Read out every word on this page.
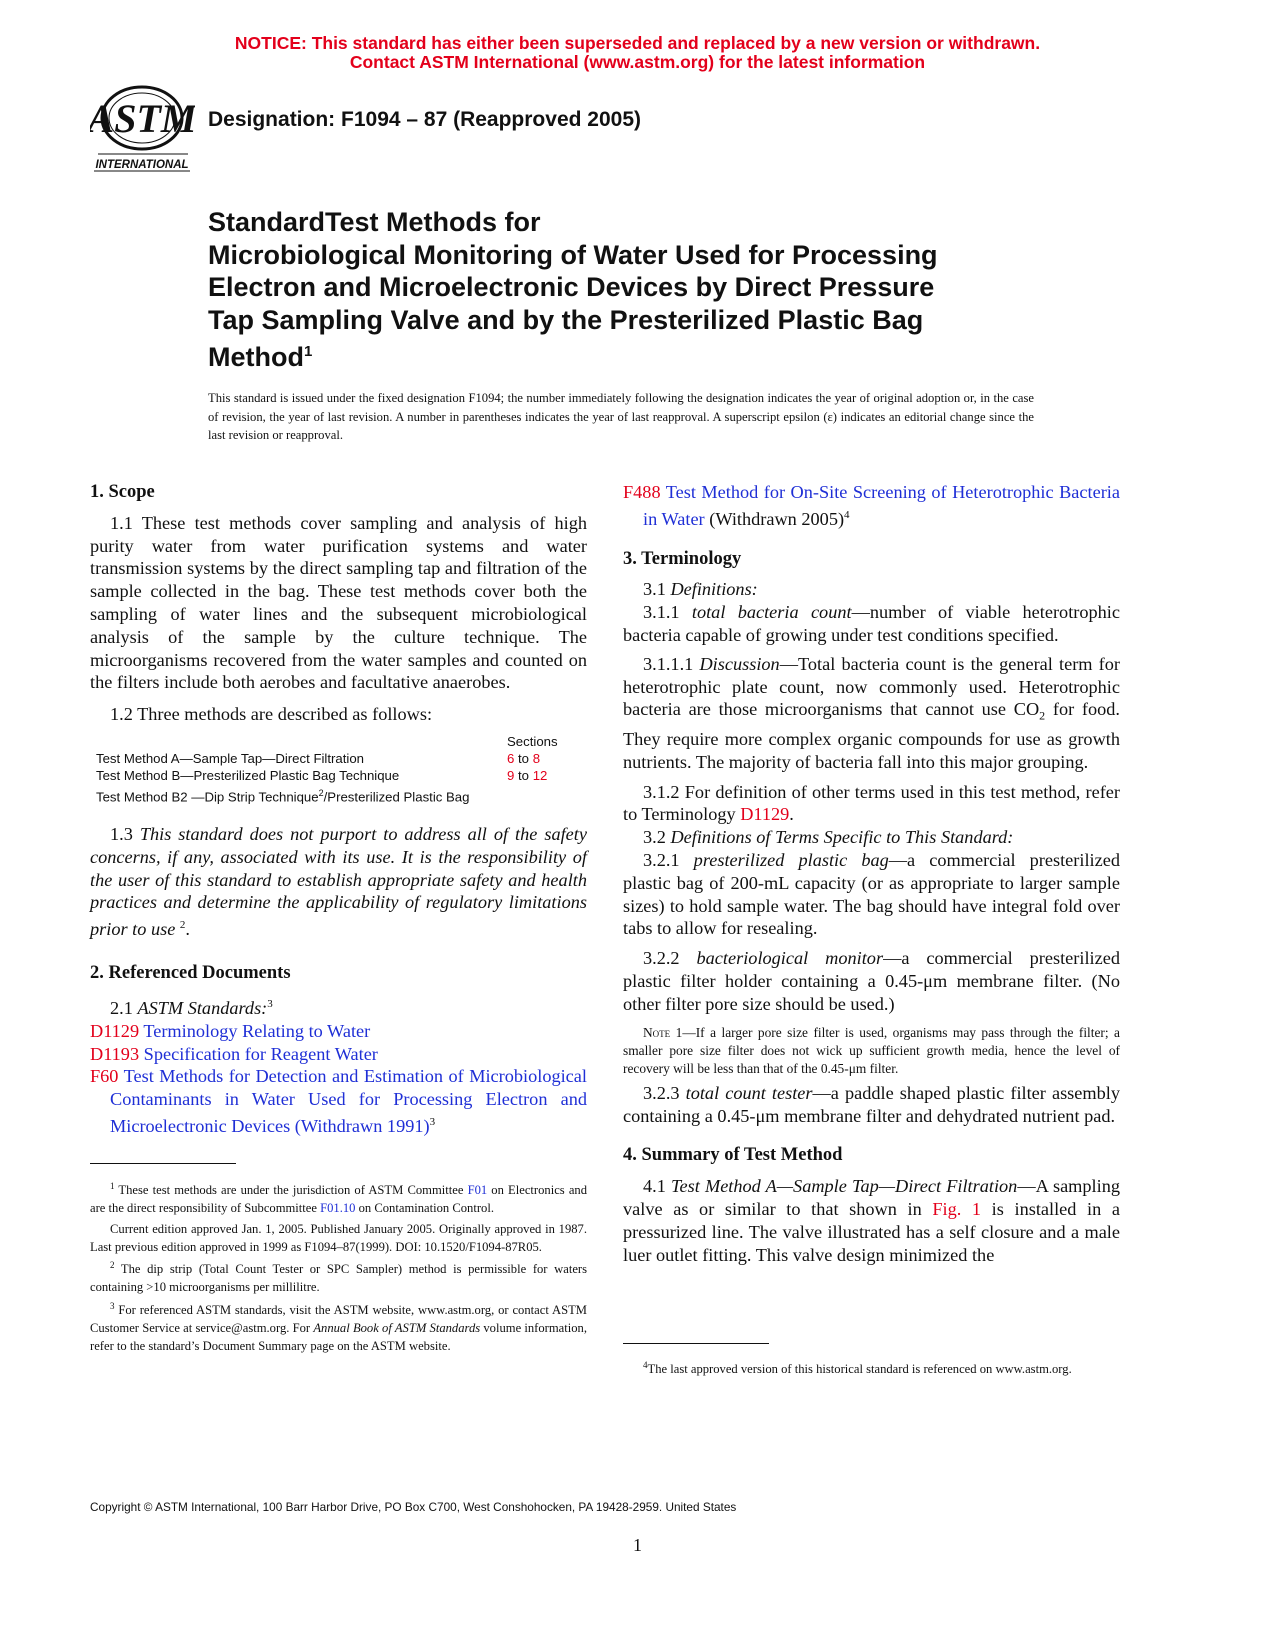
NOTICE: This standard has either been superseded and replaced by a new version or withdrawn.
Contact ASTM International (www.astm.org) for the latest information
ASTM
INTERNATIONAL
Designation: F1094 – 87 (Reapproved 2005)
StandardTest Methods for
Microbiological Monitoring of Water Used for Processing
Electron and Microelectronic Devices by Direct Pressure
Tap Sampling Valve and by the Presterilized Plastic Bag
Method$^1$
This standard is issued under the fixed designation F1094; the number immediately following the designation indicates the year of original adoption or, in the case of revision, the year of last revision. A number in parentheses indicates the year of last reapproval. A superscript epsilon (ε) indicates an editorial change since the last revision or reapproval.
1. Scope

1.1 These test methods cover sampling and analysis of high purity water from water purification systems and water transmission systems by the direct sampling tap and filtration of the sample collected in the bag. These test methods cover both the sampling of water lines and the subsequent microbiological analysis of the sample by the culture technique. The microorganisms recovered from the water samples and counted on the filters include both aerobes and facultative anaerobes.

1.2 Three methods are described as follows:

Sections
Test Method A—Sample Tap—Direct Filtration	6 to 8
Test Method B—Presterilized Plastic Bag Technique	9 to 12
Test Method B2 —Dip Strip Technique$^2$/Presterilized Plastic Bag

1.3 This standard does not purport to address all of the safety concerns, if any, associated with its use. It is the responsibility of the user of this standard to establish appropriate safety and health practices and determine the applicability of regulatory limitations prior to use $^2$.

2. Referenced Documents

2.1 ASTM Standards:$^3$

D1129 Terminology Relating to Water

D1193 Specification for Reagent Water

F60 Test Methods for Detection and Estimation of Microbiological Contaminants in Water Used for Processing Electron and Microelectronic Devices (Withdrawn 1991)$^3$

$^1$ These test methods are under the jurisdiction of ASTM Committee F01 on Electronics and are the direct responsibility of Subcommittee F01.10 on Contamination Control.

Current edition approved Jan. 1, 2005. Published January 2005. Originally approved in 1987. Last previous edition approved in 1999 as F1094–87(1999). DOI: 10.1520/F1094-87R05.

$^2$ The dip strip (Total Count Tester or SPC Sampler) method is permissible for waters containing >10 microorganisms per millilitre.

$^3$ For referenced ASTM standards, visit the ASTM website, www.astm.org, or contact ASTM Customer Service at service@astm.org. For Annual Book of ASTM Standards volume information, refer to the standard’s Document Summary page on the ASTM website.

F488 Test Method for On-Site Screening of Heterotrophic Bacteria in Water (Withdrawn 2005)$^4$

3. Terminology

3.1 Definitions:

3.1.1 total bacteria count—number of viable heterotrophic bacteria capable of growing under test conditions specified.

3.1.1.1 Discussion—Total bacteria count is the general term for heterotrophic plate count, now commonly used. Heterotrophic bacteria are those microorganisms that cannot use $CO_2$ for food. They require more complex organic compounds for use as growth nutrients. The majority of bacteria fall into this major grouping.

3.1.2 For definition of other terms used in this test method, refer to Terminology D1129.

3.2 Definitions of Terms Specific to This Standard:

3.2.1 presterilized plastic bag—a commercial presterilized plastic bag of 200-mL capacity (or as appropriate to larger sample sizes) to hold sample water. The bag should have integral fold over tabs to allow for resealing.

3.2.2 bacteriological monitor—a commercial presterilized plastic filter holder containing a 0.45-μm membrane filter. (No other filter pore size should be used.)

Note 1—If a larger pore size filter is used, organisms may pass through the filter; a smaller pore size filter does not wick up sufficient growth media, hence the level of recovery will be less than that of the 0.45-μm filter.

3.2.3 total count tester—a paddle shaped plastic filter assembly containing a 0.45-μm membrane filter and dehydrated nutrient pad.

4. Summary of Test Method

4.1 Test Method A—Sample Tap—Direct Filtration—A sampling valve as or similar to that shown in Fig. 1 is installed in a pressurized line. The valve illustrated has a self closure and a male luer outlet fitting. This valve design minimized the

$^4$The last approved version of this historical standard is referenced on www.astm.org.

Copyright © ASTM International, 100 Barr Harbor Drive, PO Box C700, West Conshohocken, PA 19428-2959. United States
1
